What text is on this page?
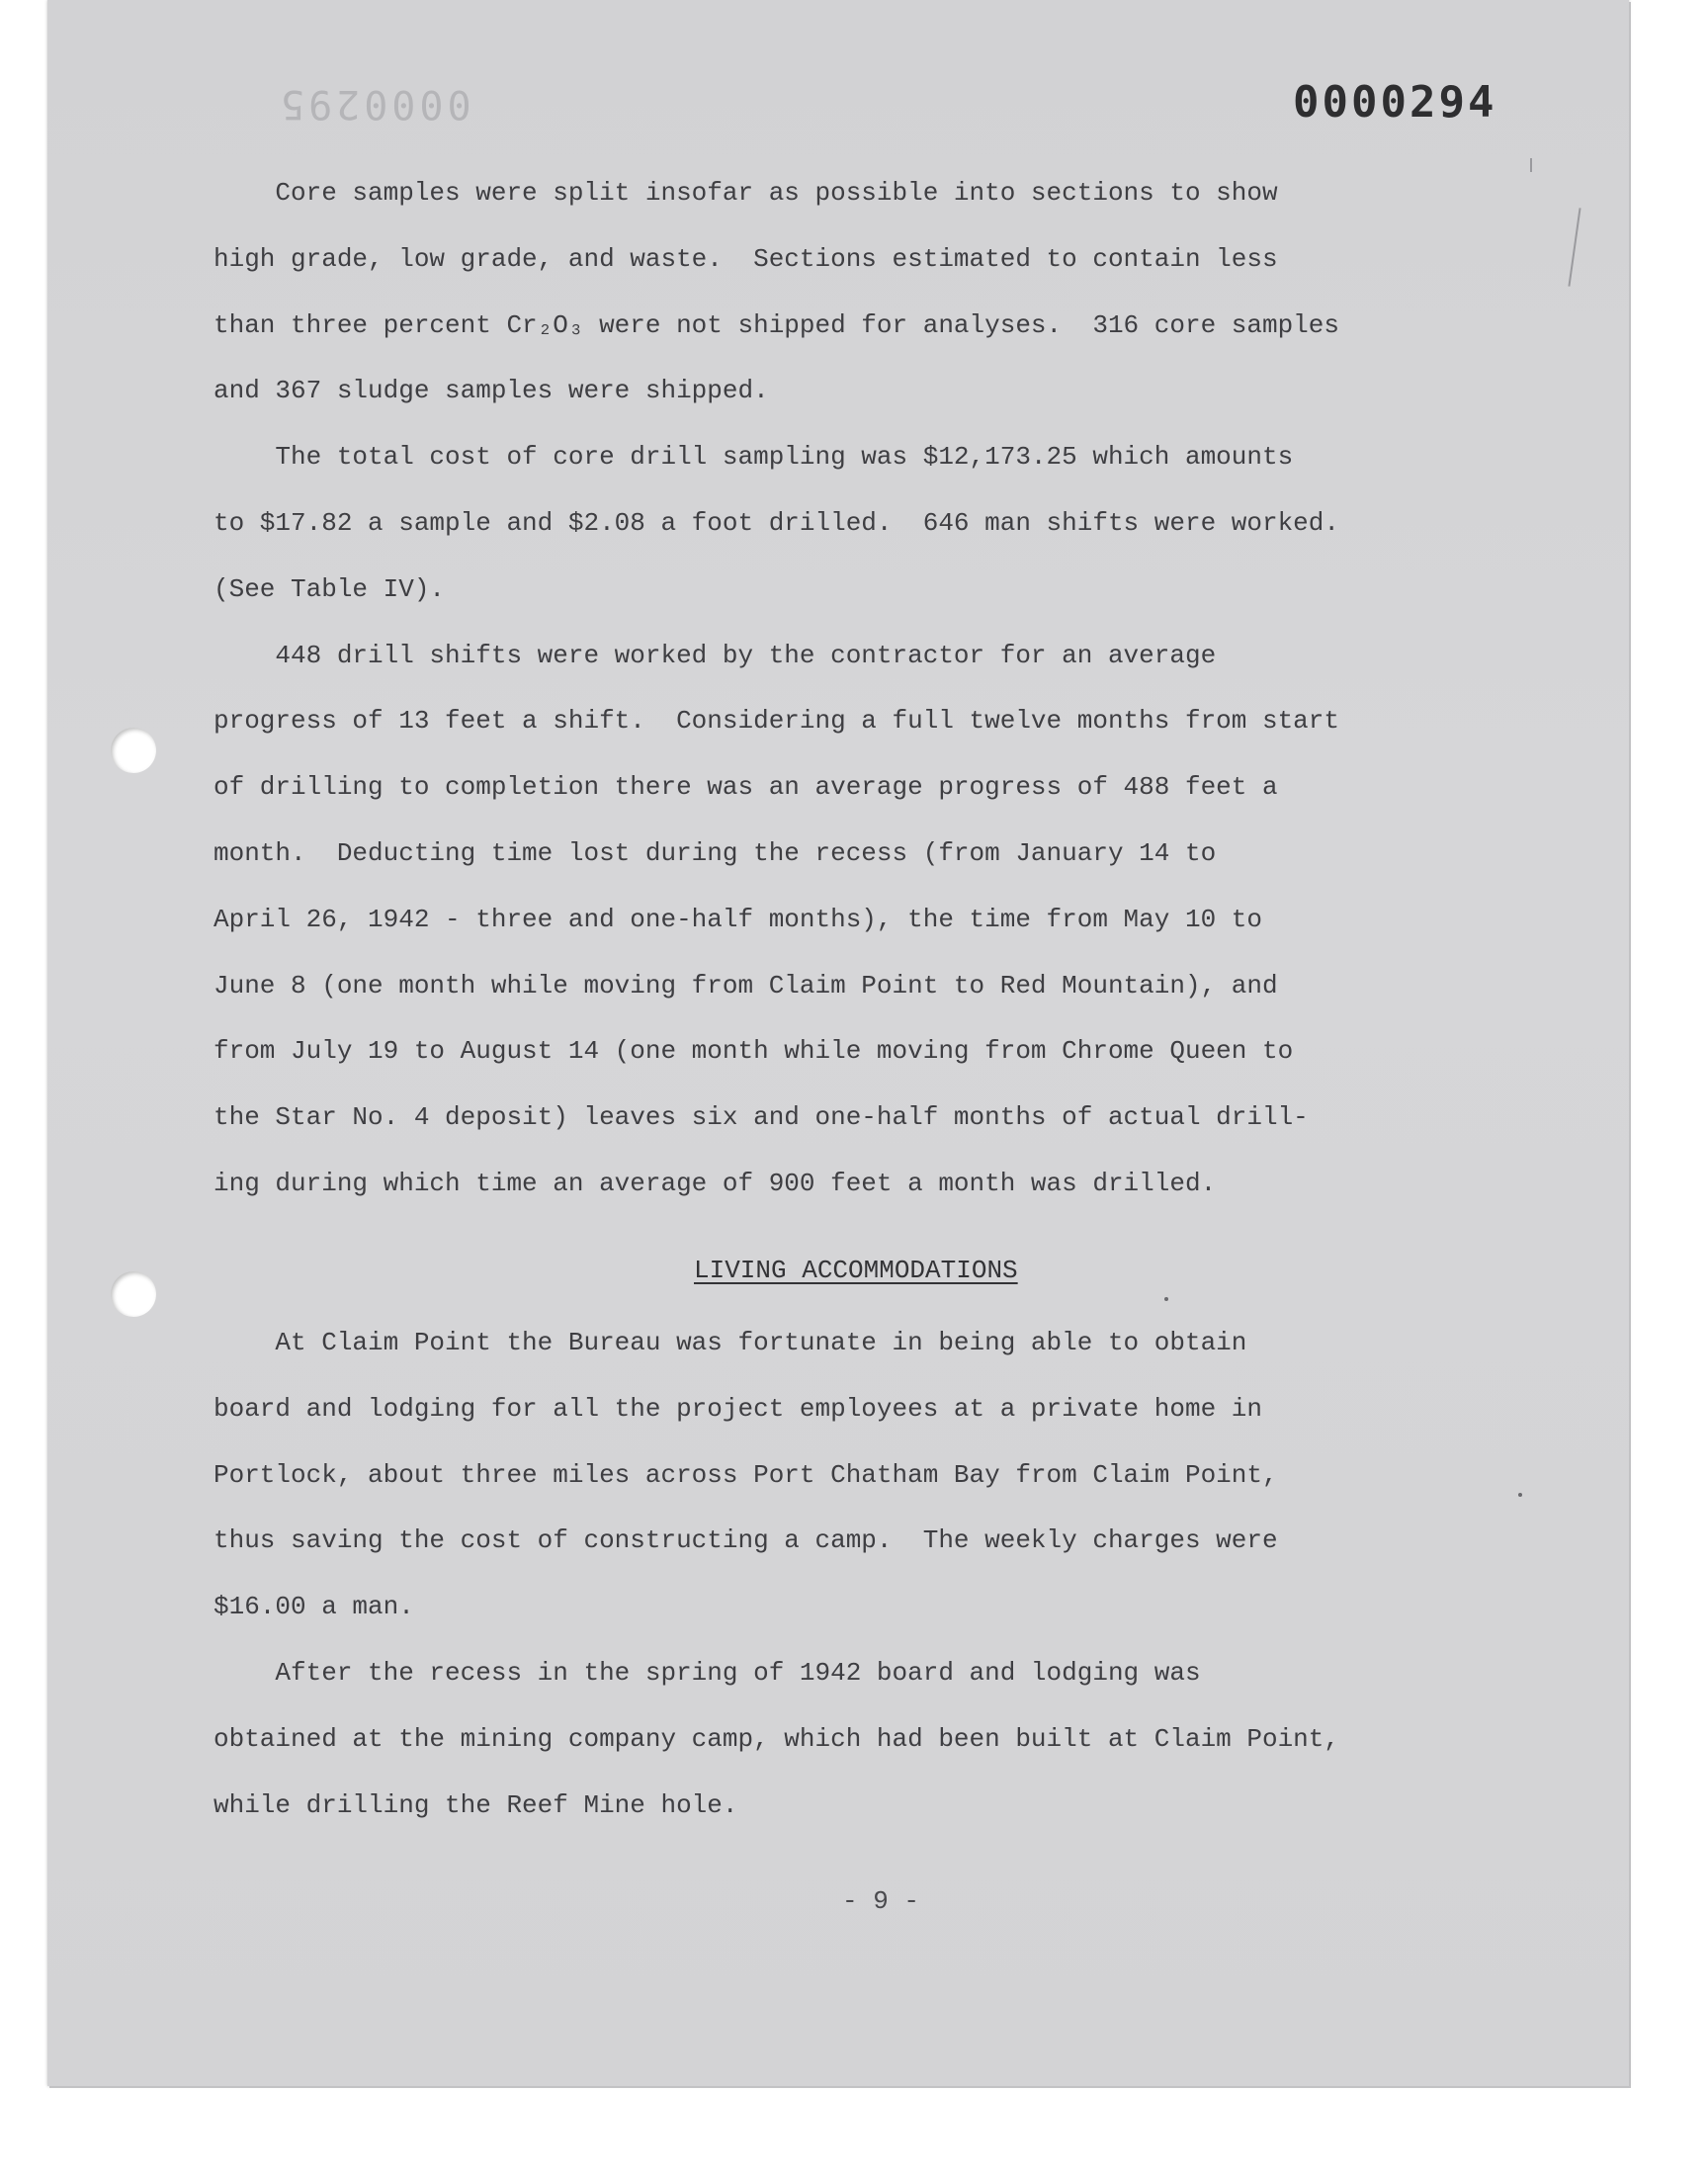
0000295	0000294

Core samples were split insofar as possible into sections to show

high grade, low grade, and waste.  Sections estimated to contain less

than three percent Cr₂O₃ were not shipped for analyses.  316 core samples

and 367 sludge samples were shipped.

The total cost of core drill sampling was $12,173.25 which amounts

to $17.82 a sample and $2.08 a foot drilled.  646 man shifts were worked.

(See Table IV).

448 drill shifts were worked by the contractor for an average

progress of 13 feet a shift.  Considering a full twelve months from start

of drilling to completion there was an average progress of 488 feet a

month.  Deducting time lost during the recess (from January 14 to

April 26, 1942 - three and one-half months), the time from May 10 to

June 8 (one month while moving from Claim Point to Red Mountain), and

from July 19 to August 14 (one month while moving from Chrome Queen to

the Star No. 4 deposit) leaves six and one-half months of actual drill-

ing during which time an average of 900 feet a month was drilled.

LIVING ACCOMMODATIONS

At Claim Point the Bureau was fortunate in being able to obtain

board and lodging for all the project employees at a private home in

Portlock, about three miles across Port Chatham Bay from Claim Point,

thus saving the cost of constructing a camp.  The weekly charges were

$16.00 a man.

After the recess in the spring of 1942 board and lodging was

obtained at the mining company camp, which had been built at Claim Point,

while drilling the Reef Mine hole.

- 9 -
